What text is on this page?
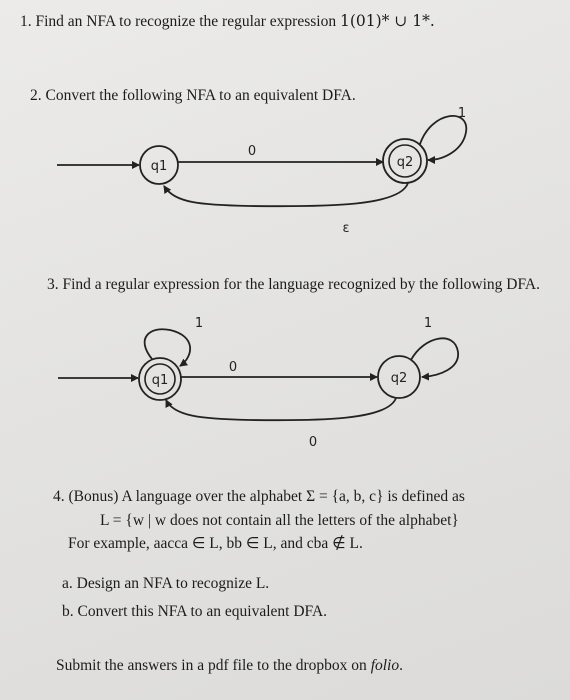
1. Find an NFA to recognize the regular expression 1(01)* ∪ 1*.
2. Convert the following NFA to an equivalent DFA.
q1
0
q2
1
ε
3. Find a regular expression for the language recognized by the following DFA.
q1
1
0
q2
1
0
4. (Bonus) A language over the alphabet Σ = {a, b, c} is defined as
L = {w | w does not contain all the letters of the alphabet}
For example, aacca ∈ L, bb ∈ L, and cba ∉ L.
a. Design an NFA to recognize L.
b. Convert this NFA to an equivalent DFA.
Submit the answers in a pdf file to the dropbox on folio.
